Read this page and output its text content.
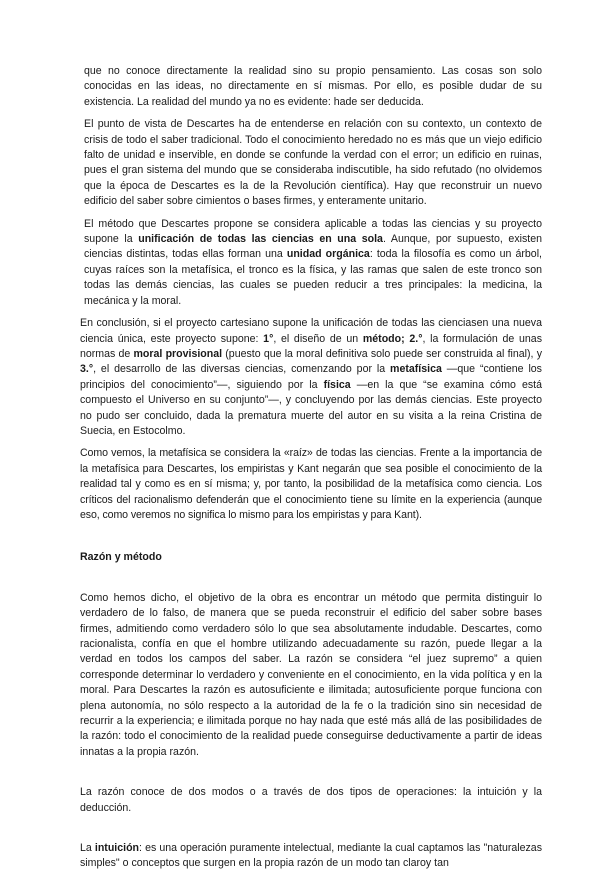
que no conoce directamente la realidad sino su propio pensamiento. Las cosas son solo conocidas en las ideas, no directamente en sí mismas. Por ello, es posible dudar de su existencia. La realidad del mundo ya no es evidente: hade ser deducida.

El punto de vista de Descartes ha de entenderse en relación con su contexto, un contexto de crisis de todo el saber tradicional. Todo el conocimiento heredado no es más que un viejo edificio falto de unidad e inservible, en donde se confunde la verdad con el error; un edificio en ruinas, pues el gran sistema del mundo que se consideraba indiscutible, ha sido refutado (no olvidemos que la época de Descartes es la de la Revolución científica). Hay que reconstruir un nuevo edificio del saber sobre cimientos o bases firmes, y enteramente unitario.

El método que Descartes propone se considera aplicable a todas las ciencias y su proyecto supone la unificación de todas las ciencias en una sola. Aunque, por supuesto, existen ciencias distintas, todas ellas forman una unidad orgánica: toda la filosofía es como un árbol, cuyas raíces son la metafísica, el tronco es la física, y las ramas que salen de este tronco son todas las demás ciencias, las cuales se pueden reducir a tres principales: la medicina, la mecánica y la moral.

En conclusión, si el proyecto cartesiano supone la unificación de todas las cienciasen una nueva ciencia única, este proyecto supone: 1°, el diseño de un método; 2.°, la formulación de unas normas de moral provisional (puesto que la moral definitiva solo puede ser construida al final), y 3.°, el desarrollo de las diversas ciencias, comenzando por la metafísica —que “contiene los principios del conocimiento”—, siguiendo por la física —en la que “se examina cómo está compuesto el Universo en su conjunto”—, y concluyendo por las demás ciencias. Este proyecto no pudo ser concluido, dada la prematura muerte del autor en su visita a la reina Cristina de Suecia, en Estocolmo.

Como vemos, la metafísica se considera la «raíz» de todas las ciencias. Frente a la importancia de la metafísica para Descartes, los empiristas y Kant negarán que sea posible el conocimiento de la realidad tal y como es en sí misma; y, por tanto, la posibilidad de la metafísica como ciencia. Los críticos del racionalismo defenderán que el conocimiento tiene su límite en la experiencia (aunque eso, como veremos no significa lo mismo para los empiristas y para Kant).

Razón y método

Como hemos dicho, el objetivo de la obra es encontrar un método que permita distinguir lo verdadero de lo falso, de manera que se pueda reconstruir el edificio del saber sobre bases firmes, admitiendo como verdadero sólo lo que sea absolutamente indudable. Descartes, como racionalista, confía en que el hombre utilizando adecuadamente su razón, puede llegar a la verdad en todos los campos del saber. La razón se considera “el juez supremo” a quien corresponde determinar lo verdadero y conveniente en el conocimiento, en la vida política y en la moral. Para Descartes la razón es autosuficiente e ilimitada; autosuficiente porque funciona con plena autonomía, no sólo respecto a la autoridad de la fe o la tradición sino sin necesidad de recurrir a la experiencia; e ilimitada porque no hay nada que esté más allá de las posibilidades de la razón: todo el conocimiento de la realidad puede conseguirse deductivamente a partir de ideas innatas a la propia razón.

La razón conoce de dos modos o a través de dos tipos de operaciones: la intuición y la deducción.

La intuición: es una operación puramente intelectual, mediante la cual captamos las "naturalezas simples" o conceptos que surgen en la propia razón de un modo tan claroy tan
